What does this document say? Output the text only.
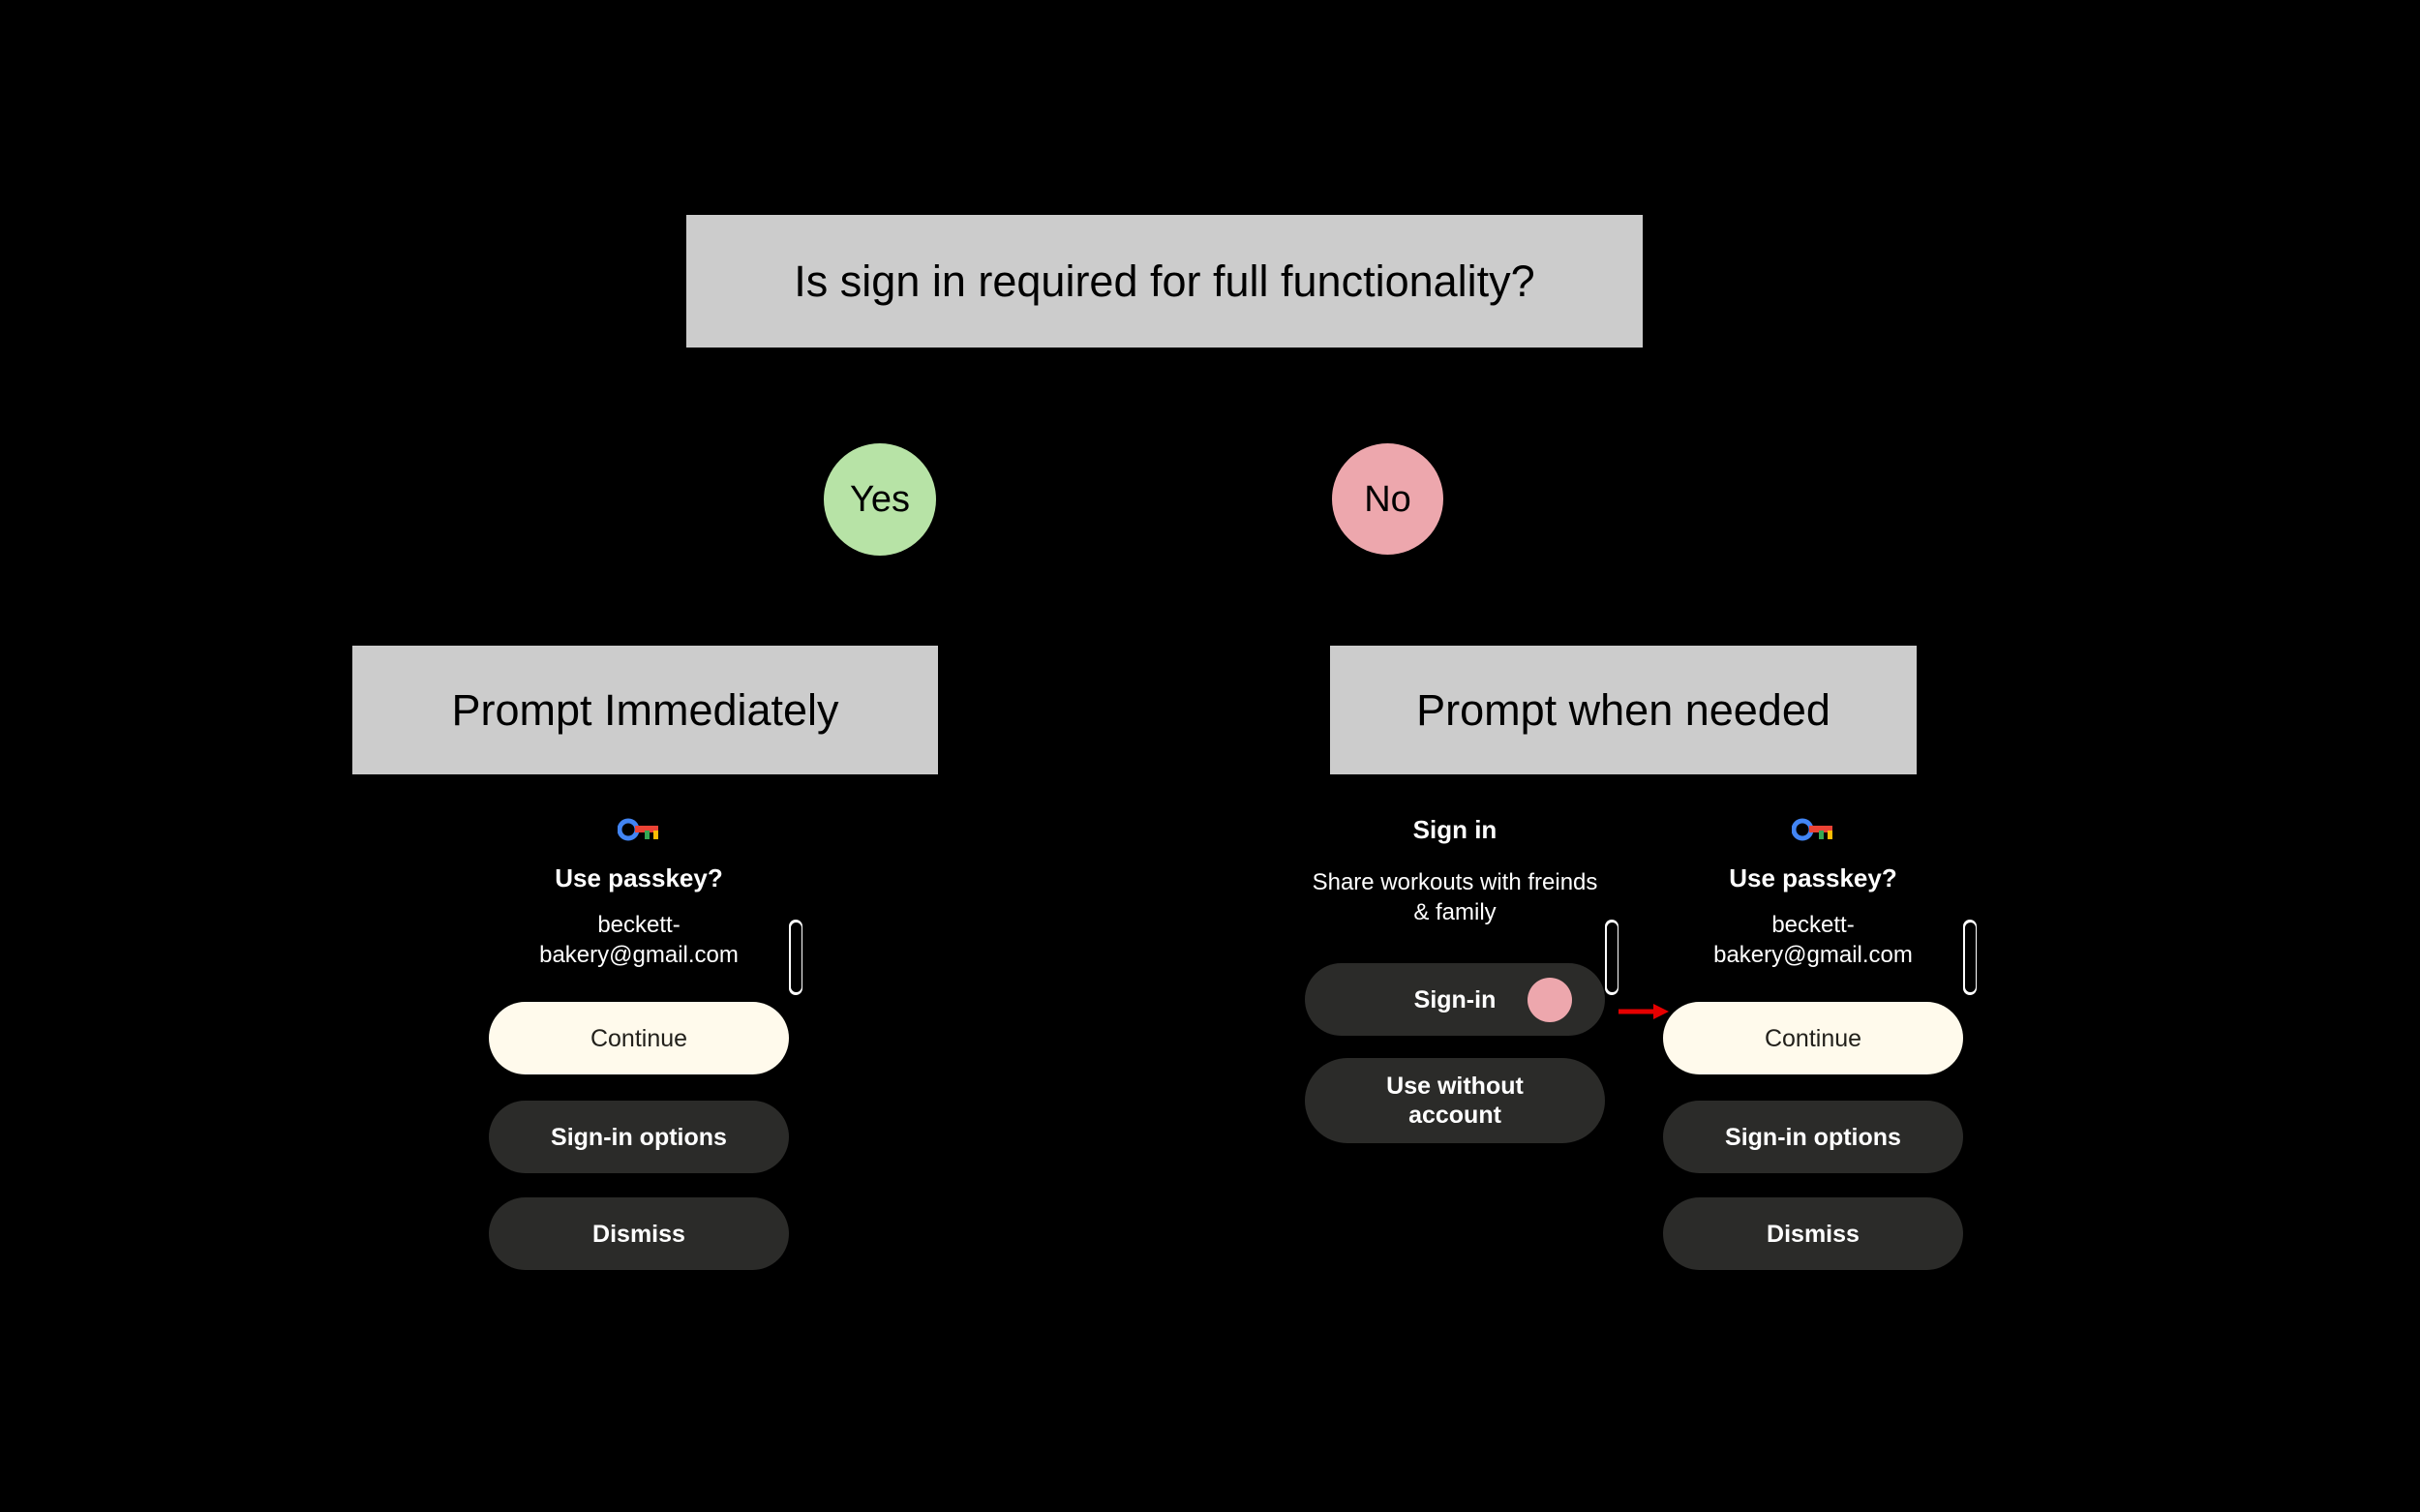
Is sign in required for full functionality?
Yes	No
Prompt Immediately	Prompt when needed
Use passkey?
beckett-bakery@gmail.com
Continue
Sign-in options
Dismiss
Sign in
Share workouts with freinds & family
Sign-in
Use without account
Use passkey?
beckett-bakery@gmail.com
Continue
Sign-in options
Dismiss
